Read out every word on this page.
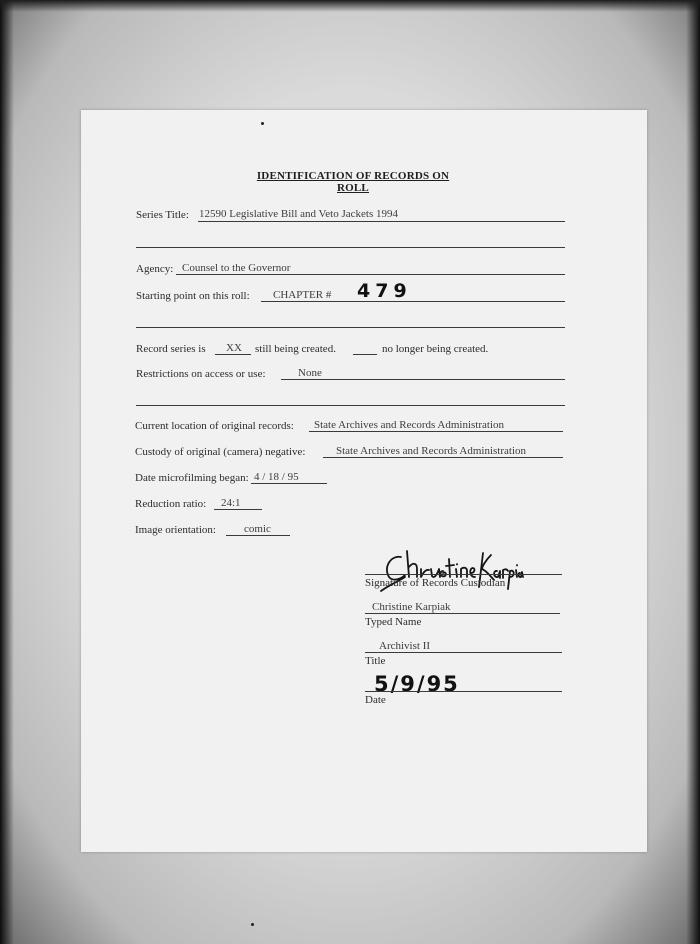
IDENTIFICATION OF RECORDS ON ROLL
Series Title: 12590 Legislative Bill and Veto Jackets 1994
Agency: Counsel to the Governor
Starting point on this roll: CHAPTER # 479
Record series is XX still being created.	no longer being created.
Restrictions on access or use:	None
Current location of original records: State Archives and Records Administration
Custody of original (camera) negative:	State Archives and Records Administration
Date microfilming began: 4 / 18 / 95
Reduction ratio: 24:1
Image orientation:	comic
Signature of Records Custodian
Christine Karpiak
Typed Name
Archivist II
Title
5/9/95
Date
